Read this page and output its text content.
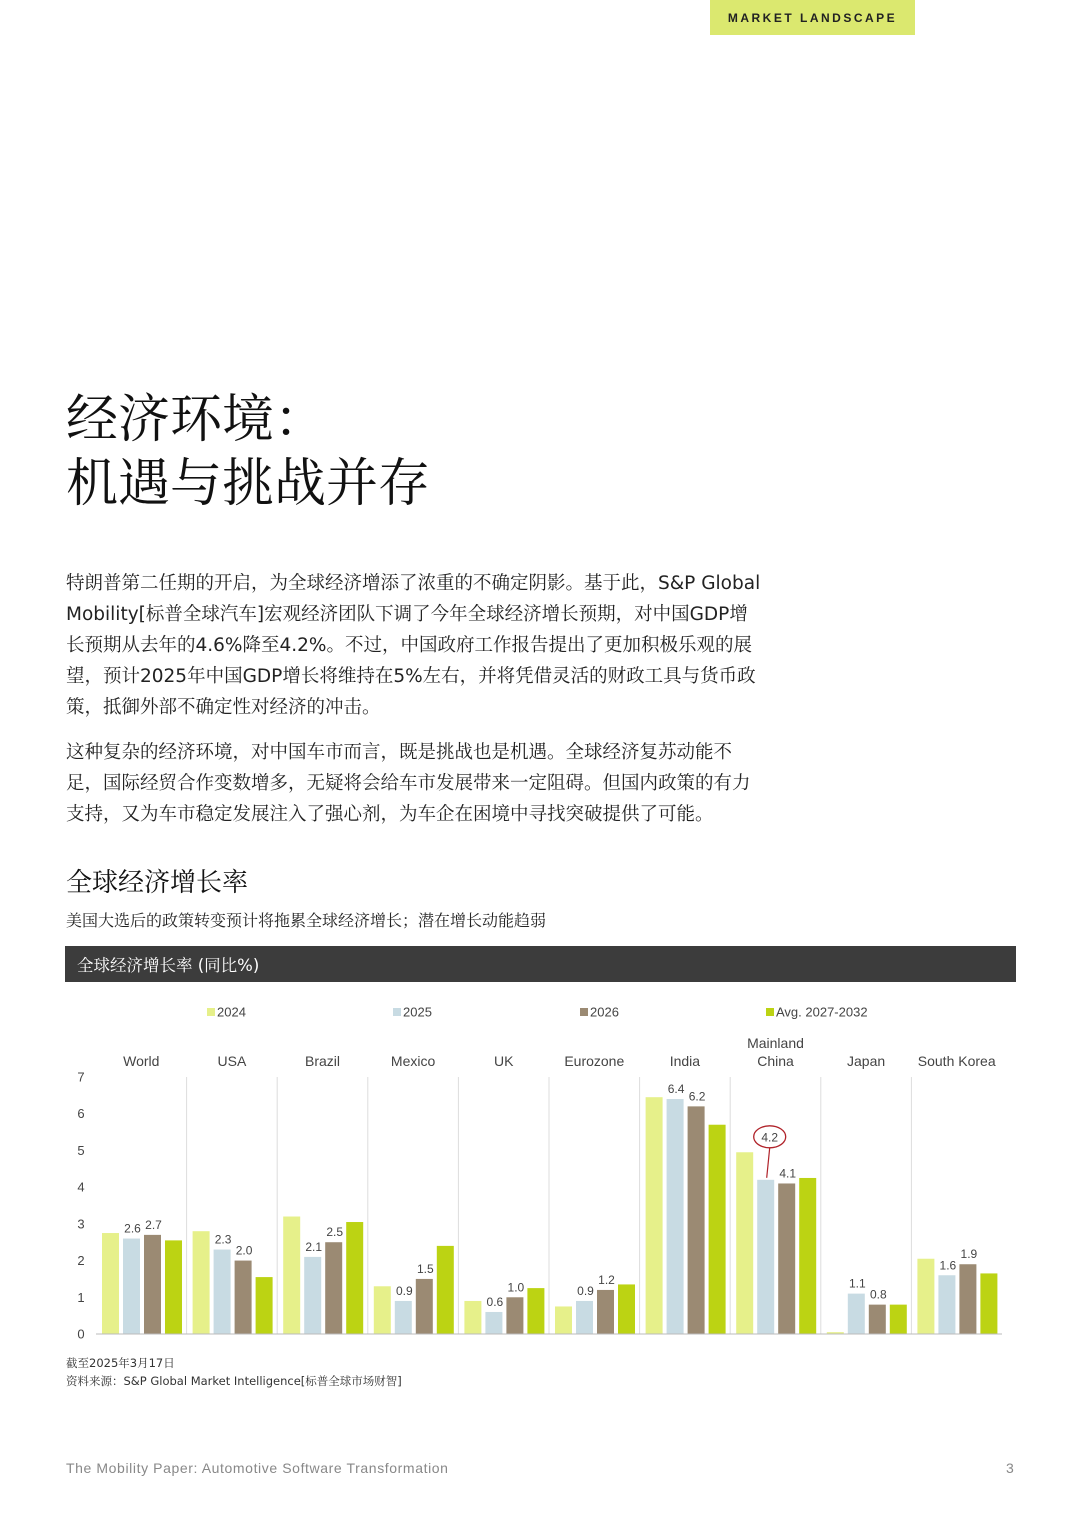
MARKET LANDSCAPE
经济环境：
机遇与挑战并存

特朗普第二任期的开启，为全球经济增添了浓重的不确定阴影。基于此，S&P Global Mobility[标普全球汽车]宏观经济团队下调了今年全球经济增长预期，对中国GDP增长预期从去年的4.6%降至4.2%。不过，中国政府工作报告提出了更加积极乐观的展望，预计2025年中国GDP增长将维持在5%左右，并将凭借灵活的财政工具与货币政策，抵御外部不确定性对经济的冲击。

这种复杂的经济环境，对中国车市而言，既是挑战也是机遇。全球经济复苏动能不足，国际经贸合作变数增多，无疑将会给车市发展带来一定阻碍。但国内政策的有力支持，又为车市稳定发展注入了强心剂，为车企在困境中寻找突破提供了可能。

全球经济增长率
美国大选后的政策转变预计将拖累全球经济增长；潜在增长动能趋弱
全球经济增长率 (同比%)
2024	2025	2026	Avg. 2027-2032
0
1
2
3
4
5
6
7
World	USA	Brazil	Mexico	UK	Eurozone	India
Mainland
China	Japan South Korea
2.6 2.7
2.3
2.0	2.1
2.5
0.9
1.5
0.6
1.0	0.9
1.2
6.4
6.2
4.2
4.1
1.1
0.8
1.6
1.9
截至2025年3月17日
资料来源：S&P Global Market Intelligence[标普全球市场财智]
The Mobility Paper: Automotive Software Transformation	3
